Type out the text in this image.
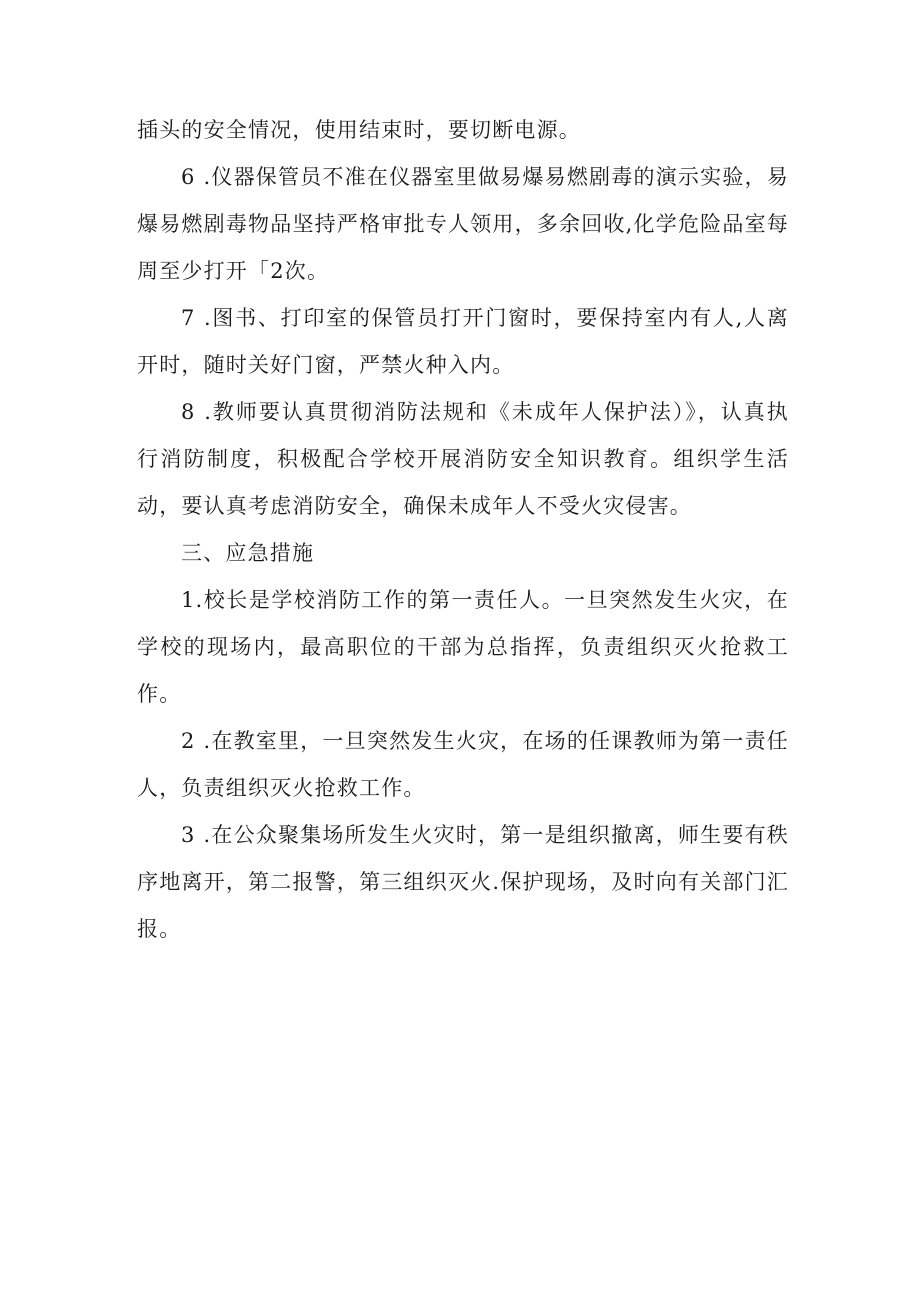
插头的安全情况，使用结束时，要切断电源。

6 .仪器保管员不准在仪器室里做易爆易燃剧毒的演示实验，易爆易燃剧毒物品坚持严格审批专人领用，多余回收,化学危险品室每周至少打开「2次。

7 .图书、打印室的保管员打开门窗时，要保持室内有人,人离开时，随时关好门窗，严禁火种入内。

8 .教师要认真贯彻消防法规和《未成年人保护法）》，认真执行消防制度，积极配合学校开展消防安全知识教育。组织学生活动，要认真考虑消防安全，确保未成年人不受火灾侵害。

三、应急措施

1.校长是学校消防工作的第一责任人。一旦突然发生火灾，在学校的现场内，最高职位的干部为总指挥，负责组织灭火抢救工作。

2 .在教室里，一旦突然发生火灾，在场的任课教师为第一责任人，负责组织灭火抢救工作。

3 .在公众聚集场所发生火灾时，第一是组织撤离，师生要有秩序地离开，第二报警，第三组织灭火.保护现场，及时向有关部门汇报。
